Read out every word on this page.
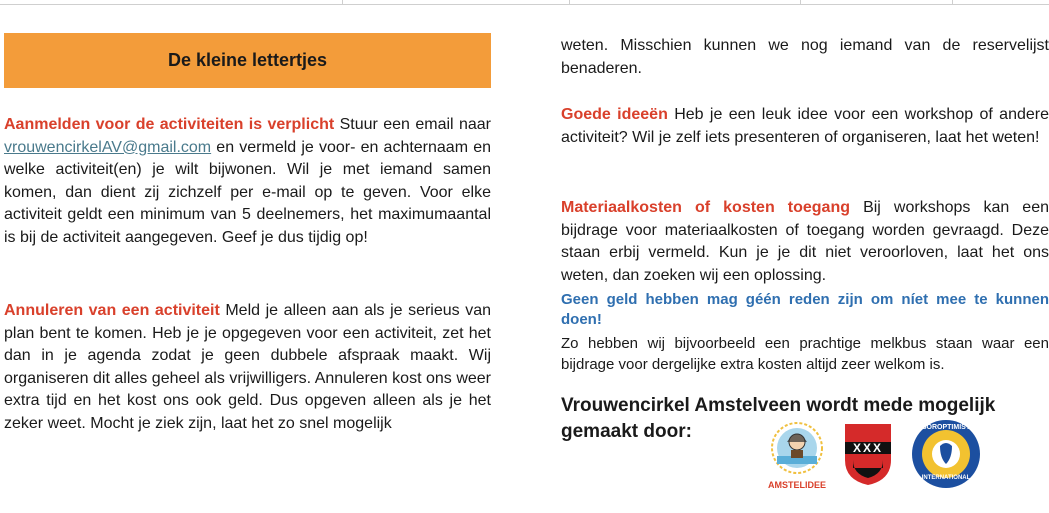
De kleine lettertjes

Aanmelden voor de activiteiten is verplicht Stuur een email naar vrouwencirkelAV@gmail.com en vermeld je voor- en achternaam en welke activiteit(en) je wilt bijwonen. Wil je met iemand samen komen, dan dient zij zichzelf per e-mail op te geven. Voor elke activiteit geldt een minimum van 5 deelnemers, het maximumaantal is bij de activiteit aangegeven. Geef je dus tijdig op!

Annuleren van een activiteit Meld je alleen aan als je serieus van plan bent te komen. Heb je je opgegeven voor een activiteit, zet het dan in je agenda zodat je geen dubbele afspraak maakt. Wij organiseren dit alles geheel als vrijwilligers. Annuleren kost ons weer extra tijd en het kost ons ook geld. Dus opgeven alleen als je het zeker weet. Mocht je ziek zijn, laat het zo snel mogelijk

weten. Misschien kunnen we nog iemand van de reservelijst benaderen.

Goede ideeën Heb je een leuk idee voor een workshop of andere activiteit? Wil je zelf iets presenteren of organiseren, laat het weten!

Materiaalkosten of kosten toegang Bij workshops kan een bijdrage voor materiaalkosten of toegang worden gevraagd. Deze staan erbij vermeld. Kun je je dit niet veroorloven, laat het ons weten, dan zoeken wij een oplossing.

Geen geld hebben mag géén reden zijn om níet mee te kunnen doen!

Zo hebben wij bijvoorbeeld een prachtige melkbus staan waar een bijdrage voor dergelijke extra kosten altijd zeer welkom is.

Vrouwencirkel Amstelveen wordt mede mogelijk gemaakt door:

AMSTELIDEE
XXX
SOROPTIMIST
INTERNATIONAL
